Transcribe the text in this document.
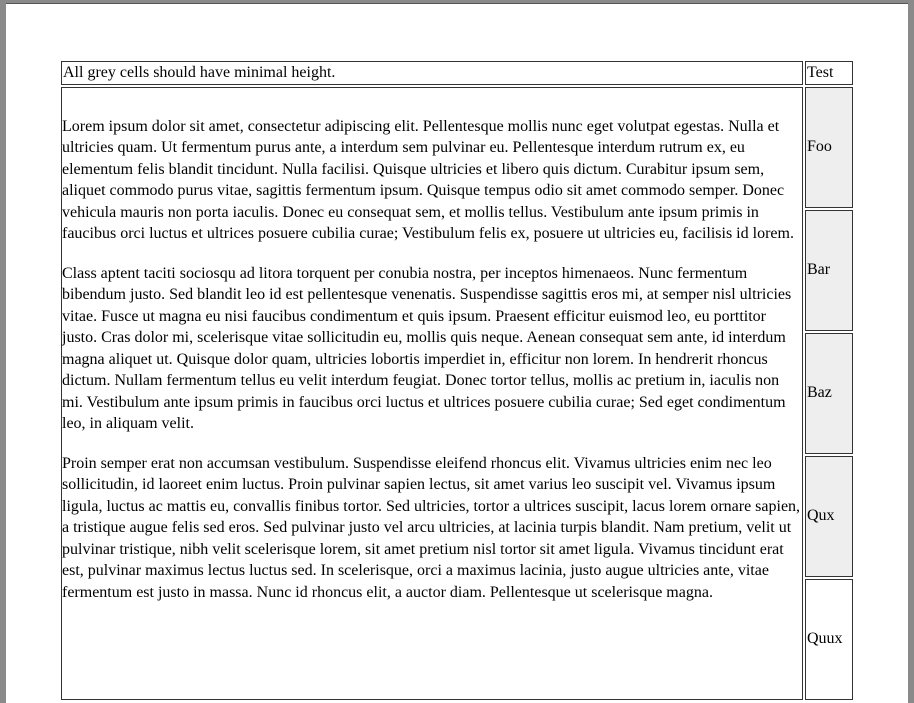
All grey cells should have minimal height.	Test

Lorem ipsum dolor sit amet, consectetur adipiscing elit. Pellentesque mollis nunc eget volutpat egestas. Nulla et ultricies quam. Ut fermentum purus ante, a interdum sem pulvinar eu. Pellentesque interdum rutrum ex, eu elementum felis blandit tincidunt. Nulla facilisi. Quisque ultricies et libero quis dictum. Curabitur ipsum sem, aliquet commodo purus vitae, sagittis fermentum ipsum. Quisque tempus odio sit amet commodo semper. Donec vehicula mauris non porta iaculis. Donec eu consequat sem, et mollis tellus. Vestibulum ante ipsum primis in faucibus orci luctus et ultrices posuere cubilia curae; Vestibulum felis ex, posuere ut ultricies eu, facilisis id lorem.

Class aptent taciti sociosqu ad litora torquent per conubia nostra, per inceptos himenaeos. Nunc fermentum bibendum justo. Sed blandit leo id est pellentesque venenatis. Suspendisse sagittis eros mi, at semper nisl ultricies vitae. Fusce ut magna eu nisi faucibus condimentum et quis ipsum. Praesent efficitur euismod leo, eu porttitor justo. Cras dolor mi, scelerisque vitae sollicitudin eu, mollis quis neque. Aenean consequat sem ante, id interdum magna aliquet ut. Quisque dolor quam, ultricies lobortis imperdiet in, efficitur non lorem. In hendrerit rhoncus dictum. Nullam fermentum tellus eu velit interdum feugiat. Donec tortor tellus, mollis ac pretium in, iaculis non mi. Vestibulum ante ipsum primis in faucibus orci luctus et ultrices posuere cubilia curae; Sed eget condimentum leo, in aliquam velit.

Proin semper erat non accumsan vestibulum. Suspendisse eleifend rhoncus elit. Vivamus ultricies enim nec leo sollicitudin, id laoreet enim luctus. Proin pulvinar sapien lectus, sit amet varius leo suscipit vel. Vivamus ipsum ligula, luctus ac mattis eu, convallis finibus tortor. Sed ultricies, tortor a ultrices suscipit, lacus lorem ornare sapien, a tristique augue felis sed eros. Sed pulvinar justo vel arcu ultricies, at lacinia turpis blandit. Nam pretium, velit ut pulvinar tristique, nibh velit scelerisque lorem, sit amet pretium nisl tortor sit amet ligula. Vivamus tincidunt erat est, pulvinar maximus lectus luctus sed. In scelerisque, orci a maximus lacinia, justo augue ultricies ante, vitae fermentum est justo in massa. Nunc id rhoncus elit, a auctor diam. Pellentesque ut scelerisque magna.	Foo
	Bar
	Baz
	Qux
	Quux
